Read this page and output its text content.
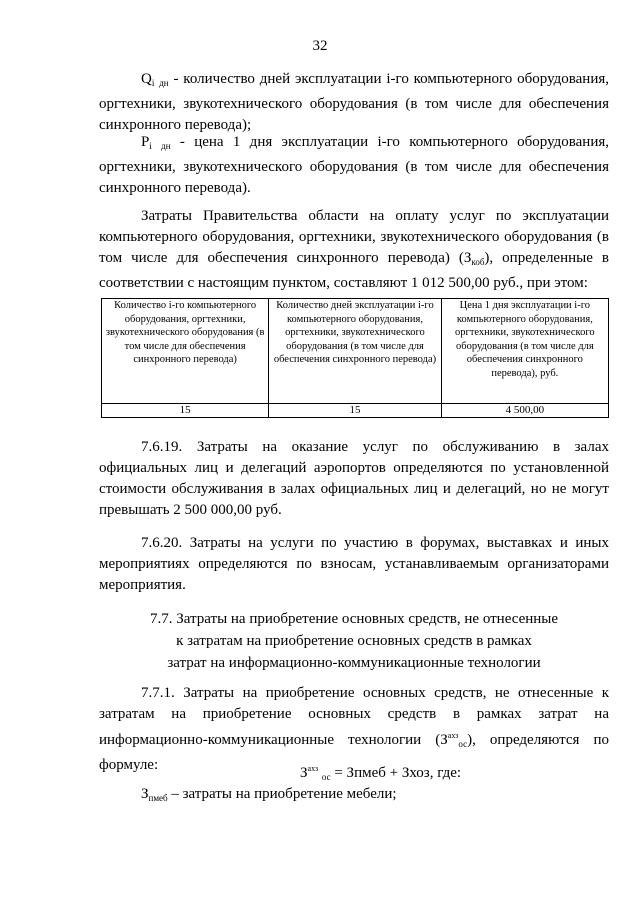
32
$Q_i$ $_{дн}$ - количество дней эксплуатации i-го компьютерного оборудования, оргтехники, звукотехнического оборудования (в том числе для обеспечения синхронного перевода);
$P_i$ $_{дн}$ - цена 1 дня эксплуатации i-го компьютерного оборудования, оргтехники, звукотехнического оборудования (в том числе для обеспечения синхронного перевода).
Затраты Правительства области на оплату услуг по эксплуатации компьютерного оборудования, оргтехники, звукотехнического оборудования (в том числе для обеспечения синхронного перевода) $(З_{коб})$, определенные в соответствии с настоящим пунктом, составляют 1 012 500,00 руб., при этом:
Количество i-го компьютерного оборудования, оргтехники, звукотехнического оборудования (в том числе для обеспечения синхронного перевода)	Количество дней эксплуатации i-го компьютерного оборудования, оргтехники, звукотехнического оборудования (в том числе для обеспечения синхронного перевода)	Цена 1 дня эксплуатации i-го компьютерного оборудования, оргтехники, звукотехнического оборудования (в том числе для обеспечения синхронного перевода), руб.
15	15	4 500,00
7.6.19. Затраты на оказание услуг по обслуживанию в залах официальных лиц и делегаций аэропортов определяются по установленной стоимости обслуживания в залах официальных лиц и делегаций, но не могут превышать 2 500 000,00 руб.
7.6.20. Затраты на услуги по участию в форумах, выставках и иных мероприятиях определяются по взносам, устанавливаемым организаторами мероприятия.
7.7. Затраты на приобретение основных средств, не отнесенные
к затратам на приобретение основных средств в рамках
затрат на информационно-коммуникационные технологии
7.7.1. Затраты на приобретение основных средств, не отнесенные к затратам на приобретение основных средств в рамках затрат на информационно-коммуникационные технологии $(З^{ахз}_{ос})$, определяются по формуле:	$З^{ахз}$ $_{ос}$ = Зпмеб + Зхоз, где:
$З_{пмеб}$ – затраты на приобретение мебели;
